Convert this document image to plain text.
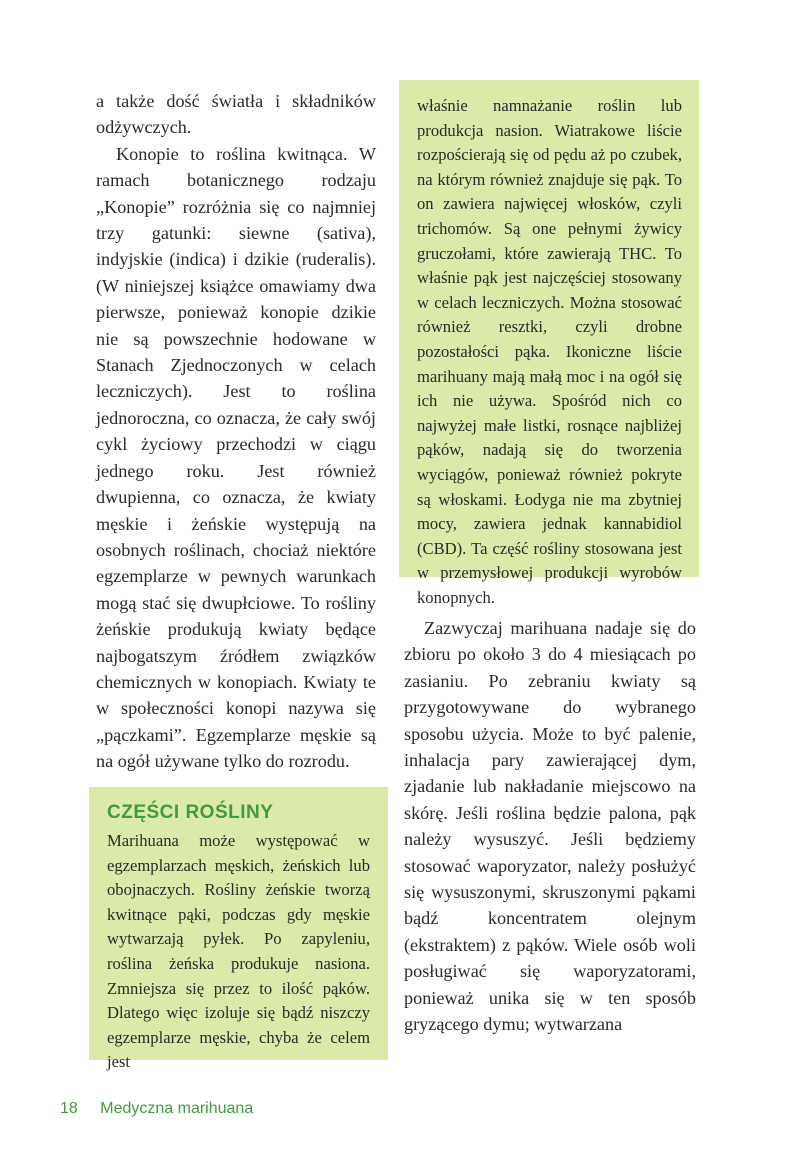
a także dość światła i składników odżywczych.

Konopie to roślina kwitnąca. W ramach botanicznego rodzaju „Konopie” rozróżnia się co najmniej trzy gatunki: siewne (sativa), indyjskie (indica) i dzikie (ruderalis). (W niniejszej książce omawiamy dwa pierwsze, ponieważ konopie dzikie nie są powszechnie hodowane w Stanach Zjednoczonych w celach leczniczych). Jest to roślina jednoroczna, co oznacza, że cały swój cykl życiowy przechodzi w ciągu jednego roku. Jest również dwupienna, co oznacza, że kwiaty męskie i żeńskie występują na osobnych roślinach, chociaż niektóre egzemplarze w pewnych warunkach mogą stać się dwupłciowe. To rośliny żeńskie produkują kwiaty będące najbogatszym źródłem związków chemicznych w konopiach. Kwiaty te w społeczności konopi nazywa się „pączkami”. Egzemplarze męskie są na ogół używane tylko do rozrodu.

właśnie namnażanie roślin lub produkcja nasion. Wiatrakowe liście rozpościerają się od pędu aż po czubek, na którym również znajduje się pąk. To on zawiera najwięcej włosków, czyli trichomów. Są one pełnymi żywicy gruczołami, które zawierają THC. To właśnie pąk jest najczęściej stosowany w celach leczniczych. Można stosować również resztki, czyli drobne pozostałości pąka. Ikoniczne liście marihuany mają małą moc i na ogół się ich nie używa. Spośród nich co najwyżej małe listki, rosnące najbliżej pąków, nadają się do tworzenia wyciągów, ponieważ również pokryte są włoskami. Łodyga nie ma zbytniej mocy, zawiera jednak kannabidiol (CBD). Ta część rośliny stosowana jest w przemysłowej produkcji wyrobów konopnych.

CZĘŚCI ROŚLINY

Marihuana może występować w egzemplarzach męskich, żeńskich lub obojnaczych. Rośliny żeńskie tworzą kwitnące pąki, podczas gdy męskie wytwarzają pyłek. Po zapyleniu, roślina żeńska produkuje nasiona. Zmniejsza się przez to ilość pąków. Dlatego więc izoluje się bądź niszczy egzemplarze męskie, chyba że celem jest

Zazwyczaj marihuana nadaje się do zbioru po około 3 do 4 miesiącach po zasianiu. Po zebraniu kwiaty są przygotowywane do wybranego sposobu użycia. Może to być palenie, inhalacja pary zawierającej dym, zjadanie lub nakładanie miejscowo na skórę. Jeśli roślina będzie palona, pąk należy wysuszyć. Jeśli będziemy stosować waporyzator, należy posłużyć się wysuszonymi, skruszonymi pąkami bądź koncentratem olejnym (ekstraktem) z pąków. Wiele osób woli posługiwać się waporyzatorami, ponieważ unika się w ten sposób gryzącego dymu; wytwarzana

18 Medyczna marihuana
